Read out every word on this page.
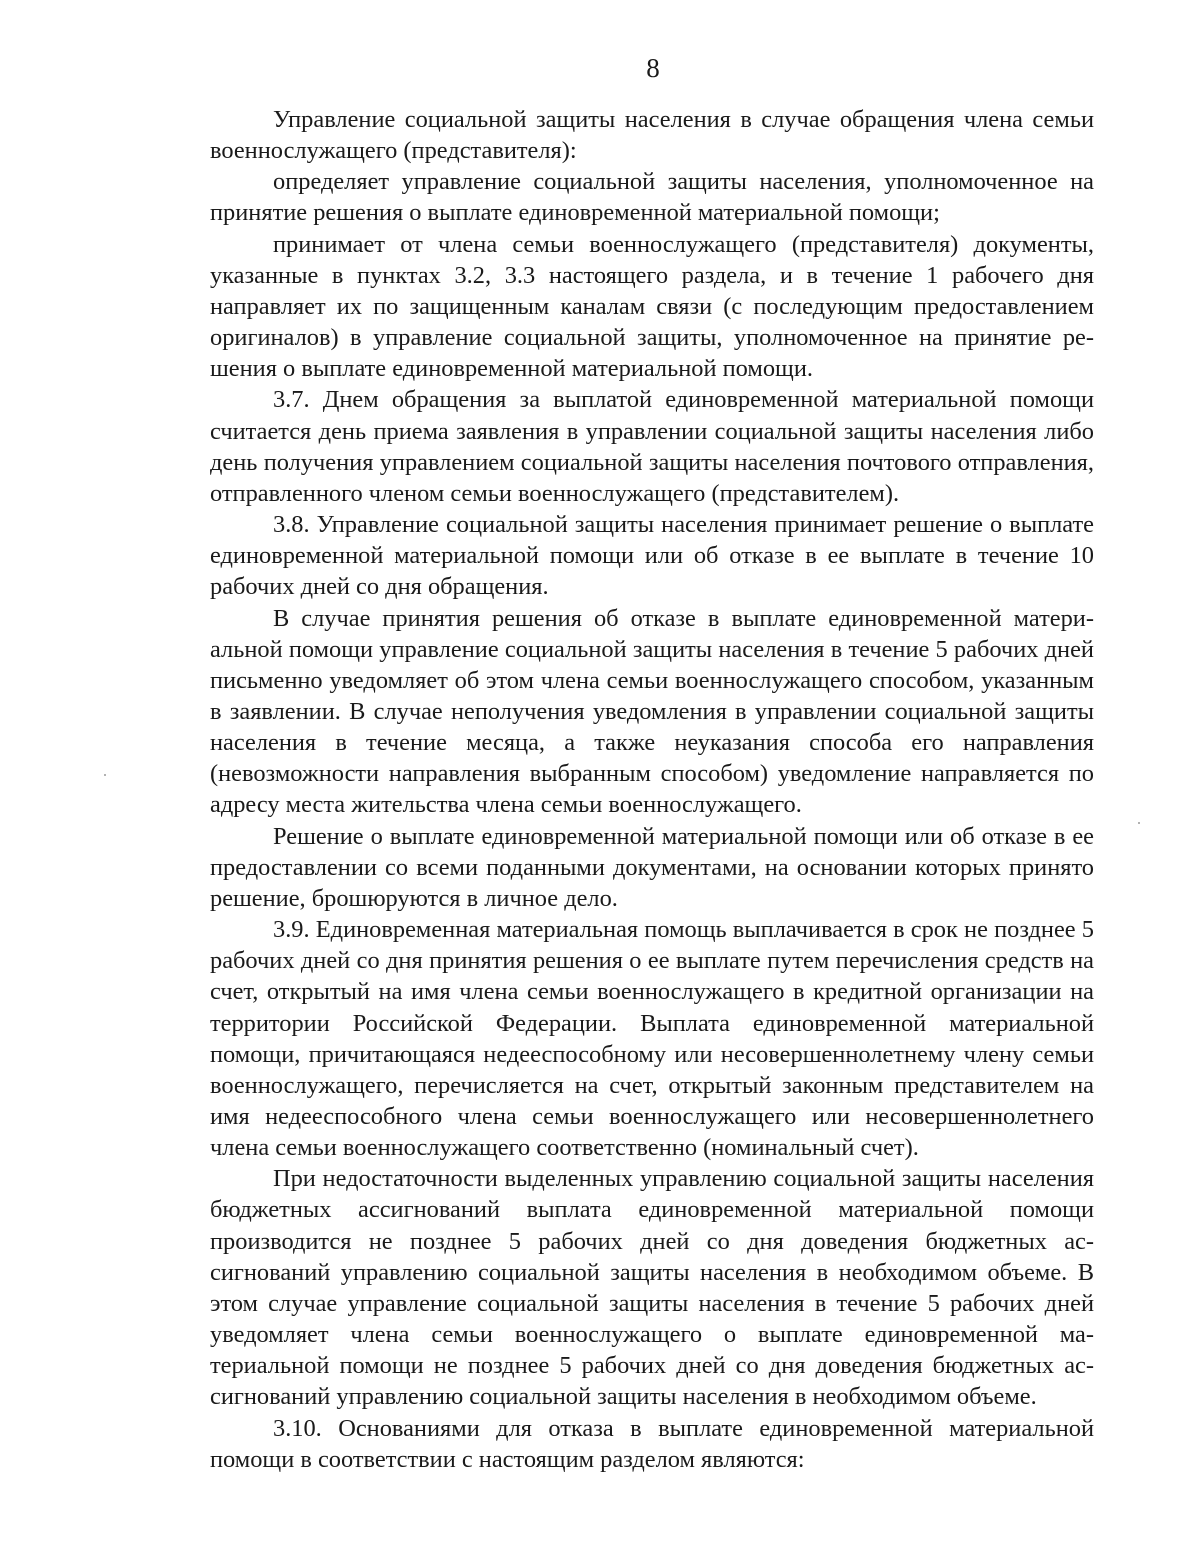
8

Управление социальной защиты населения в случае обращения члена семьи военнослужащего (представителя):

определяет управление социальной защиты населения, уполномоченное на принятие решения о выплате единовременной материальной помощи;

принимает от члена семьи военнослужащего (представителя) документы, указанные в пунктах 3.2, 3.3 настоящего раздела, и в течение 1 рабочего дня направляет их по защищенным каналам связи (с последующим предоставлением оригиналов) в управление социальной защиты, уполномоченное на принятие решения о выплате единовременной материальной помощи.

3.7. Днем обращения за выплатой единовременной материальной помощи считается день приема заявления в управлении социальной защиты населения либо день получения управлением социальной защиты населения почтового отправления, отправленного членом семьи военнослужащего (представителем).

3.8. Управление социальной защиты населения принимает решение о выплате единовременной материальной помощи или об отказе в ее выплате в течение 10 рабочих дней со дня обращения.

В случае принятия решения об отказе в выплате единовременной материальной помощи управление социальной защиты населения в течение 5 рабочих дней письменно уведомляет об этом члена семьи военнослужащего способом, указанным в заявлении. В случае неполучения уведомления в управлении социальной защиты населения в течение месяца, а также неуказания способа его направления (невозможности направления выбранным способом) уведомление направляется по адресу места жительства члена семьи военнослужащего.

Решение о выплате единовременной материальной помощи или об отказе в ее предоставлении со всеми поданными документами, на основании которых принято решение, брошюруются в личное дело.

3.9. Единовременная материальная помощь выплачивается в срок не позднее 5 рабочих дней со дня принятия решения о ее выплате путем перечисления средств на счет, открытый на имя члена семьи военнослужащего в кредитной организации на территории Российской Федерации. Выплата единовременной материальной помощи, причитающаяся недееспособному или несовершеннолетнему члену семьи военнослужащего, перечисляется на счет, открытый законным представителем на имя недееспособного члена семьи военнослужащего или несовершеннолетнего члена семьи военнослужащего соответственно (номинальный счет).

При недостаточности выделенных управлению социальной защиты населения бюджетных ассигнований выплата единовременной материальной помощи производится не позднее 5 рабочих дней со дня доведения бюджетных ассигнований управлению социальной защиты населения в необходимом объеме. В этом случае управление социальной защиты населения в течение 5 рабочих дней уведомляет члена семьи военнослужащего о выплате единовременной материальной помощи не позднее 5 рабочих дней со дня доведения бюджетных ассигнований управлению социальной защиты населения в необходимом объеме.

3.10. Основаниями для отказа в выплате единовременной материальной помощи в соответствии с настоящим разделом являются:
